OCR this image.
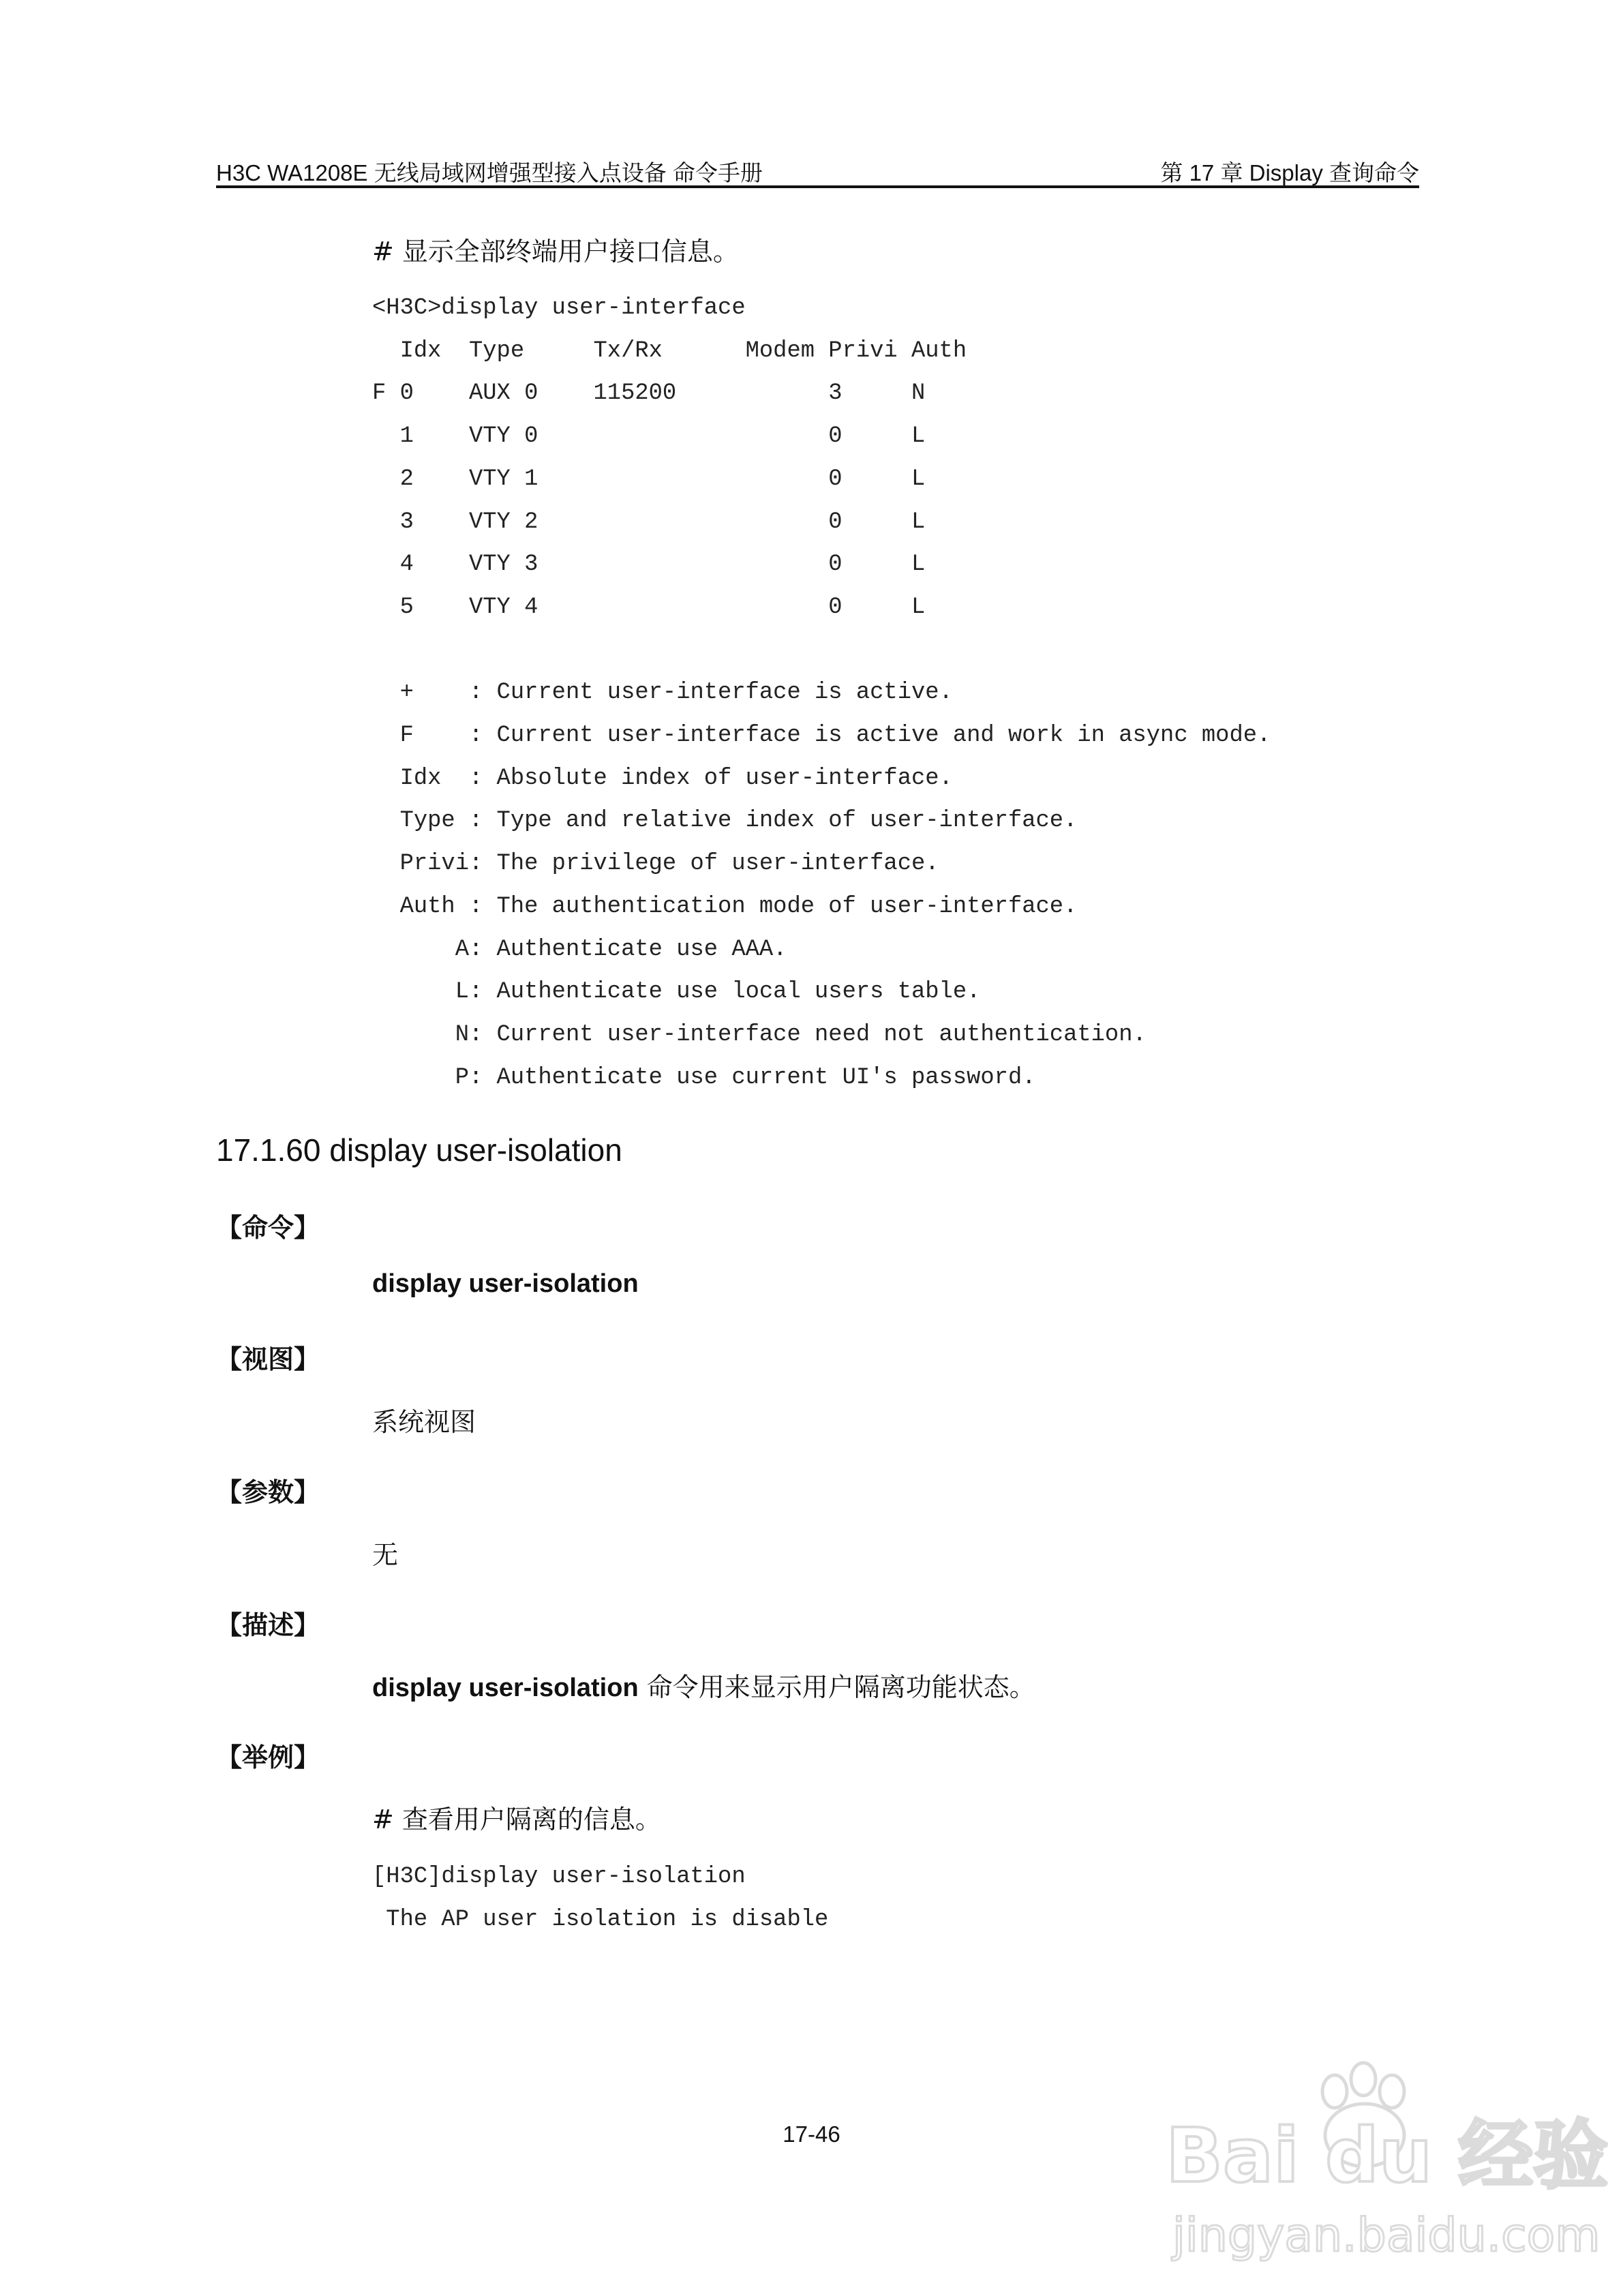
H3C WA1208E 无线局域网增强型接入点设备 命令手册	第 17 章 Display 查询命令
# 显示全部终端用户接口信息。
<H3C>display user-interface
Idx  Type     Tx/Rx      Modem Privi Auth
F 0    AUX 0    115200           3     N
1    VTY 0                     0     L
2    VTY 1                     0     L
3    VTY 2                     0     L
4    VTY 3                     0     L
5    VTY 4                     0     L

+    : Current user-interface is active.
F    : Current user-interface is active and work in async mode.
Idx  : Absolute index of user-interface.
Type : Type and relative index of user-interface.
Privi: The privilege of user-interface.
Auth : The authentication mode of user-interface.
A: Authenticate use AAA.
L: Authenticate use local users table.
N: Current user-interface need not authentication.
P: Authenticate use current UI's password.
17.1.60 display user-isolation
【命令】
display user-isolation
【视图】
系统视图
【参数】
无
【描述】
display user-isolation 命令用来显示用户隔离功能状态。
【举例】
# 查看用户隔离的信息。
[H3C]display user-isolation
The AP user isolation is disable
17-46	Bai du 经验
jingyan.baidu.com
